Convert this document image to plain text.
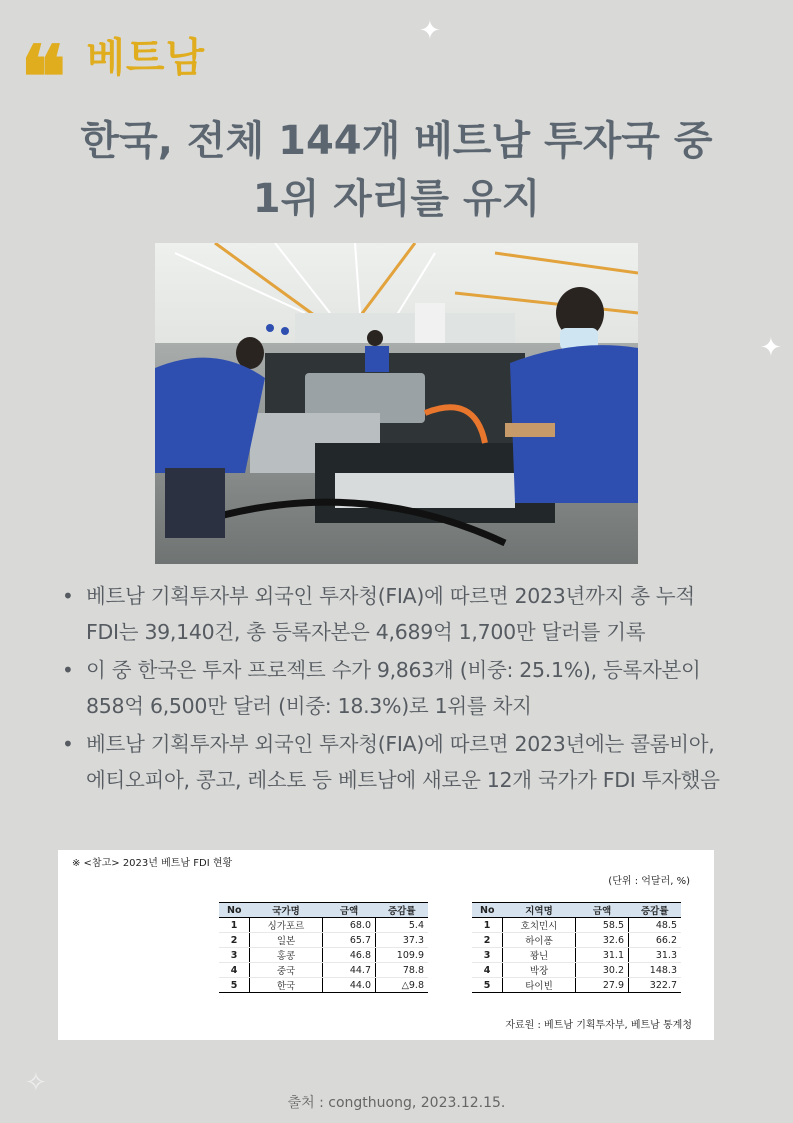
❝ 베트남
✦
✦
✧
한국, 전체 144개 베트남 투자국 중
1위 자리를 유지
• 베트남 기획투자부 외국인 투자청(FIA)에 따르면 2023년까지 총 누적 FDI는 39,140건, 총 등록자본은 4,689억 1,700만 달러를 기록
• 이 중 한국은 투자 프로젝트 수가 9,863개 (비중: 25.1%), 등록자본이 858억 6,500만 달러 (비중: 18.3%)로 1위를 차지
• 베트남 기획투자부 외국인 투자청(FIA)에 따르면 2023년에는 콜롬비아, 에티오피아, 콩고, 레소토 등 베트남에 새로운 12개 국가가 FDI 투자했음
※ <참고> 2023년 베트남 FDI 현황
(단위 : 억달러, %)
No	국가명	금액	증감률
1	싱가포르	68.0	5.4
2	일본	65.7	37.3
3	홍콩	46.8	109.9
4	중국	44.7	78.8
5	한국	44.0	△9.8
No	지역명	금액	증감률
1	호치민시	58.5	48.5
2	하이퐁	32.6	66.2
3	꽝닌	31.1	31.3
4	박장	30.2	148.3
5	타이빈	27.9	322.7
자료원 : 베트남 기획투자부, 베트남 통계청
출처 : congthuong, 2023.12.15.
